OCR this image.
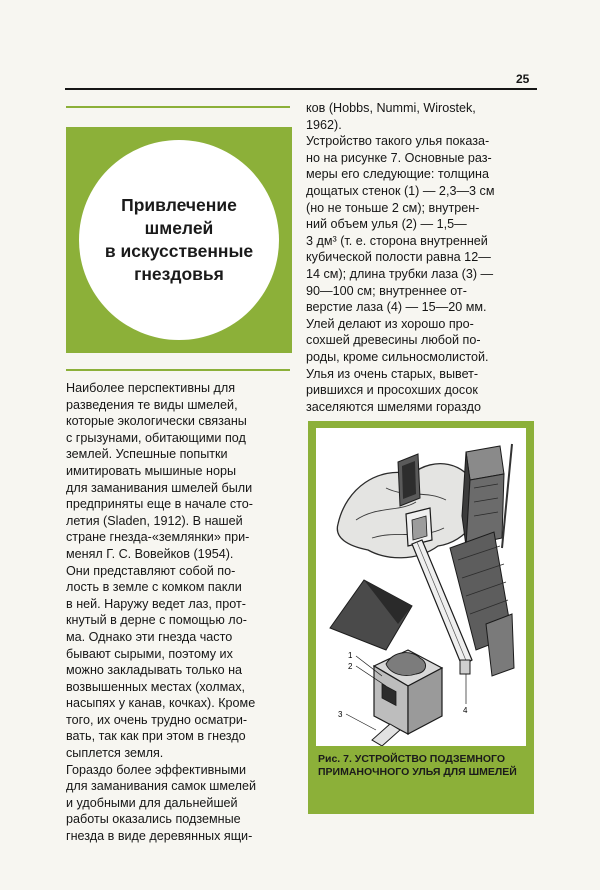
25
Привлечение
шмелей
в искусственные
гнездовья
ков (Hobbs, Nummi, Wirostek,
1962).
Устройство такого улья показа-
но на рисунке 7. Основные раз-
меры его следующие: толщина
дощатых стенок (1) — 2,3—3 см
(но не тоньше 2 см); внутрен-
ний объем улья (2) — 1,5—
3 дм³ (т. е. сторона внутренней
кубической полости равна 12—
14 см); длина трубки лаза (3) —
90—100 см; внутреннее от-
верстие лаза (4) — 15—20 мм.
Улей делают из хорошо про-
сохшей древесины любой по-
роды, кроме сильносмолистой.
Улья из очень старых, вывет-
рившихся и просохших досок
заселяются шмелями гораздо
Наиболее перспективны для
разведения те виды шмелей,
которые экологически связаны
с грызунами, обитающими под
землей. Успешные попытки
имитировать мышиные норы
для заманивания шмелей были
предприняты еще в начале сто-
летия (Sladen, 1912). В нашей
стране гнезда-«землянки» при-
менял Г. С. Вовейков (1954).
Они представляют собой по-
лость в земле с комком пакли
в ней. Наружу ведет лаз, прот-
кнутый в дерне с помощью ло-
ма. Однако эти гнезда часто
бывают сырыми, поэтому их
можно закладывать только на
возвышенных местах (холмах,
насыпях у канав, кочках). Кроме
того, их очень трудно осматри-
вать, так как при этом в гнездо
сыплется земля.
Гораздо более эффективными
для заманивания самок шмелей
и удобными для дальнейшей
работы оказались подземные
гнезда в виде деревянных ящи-
1
2
3	4

Рис. 7. УСТРОЙСТВО ПОДЗЕМНОГО ПРИМАНОЧНОГО УЛЬЯ ДЛЯ ШМЕЛЕЙ
